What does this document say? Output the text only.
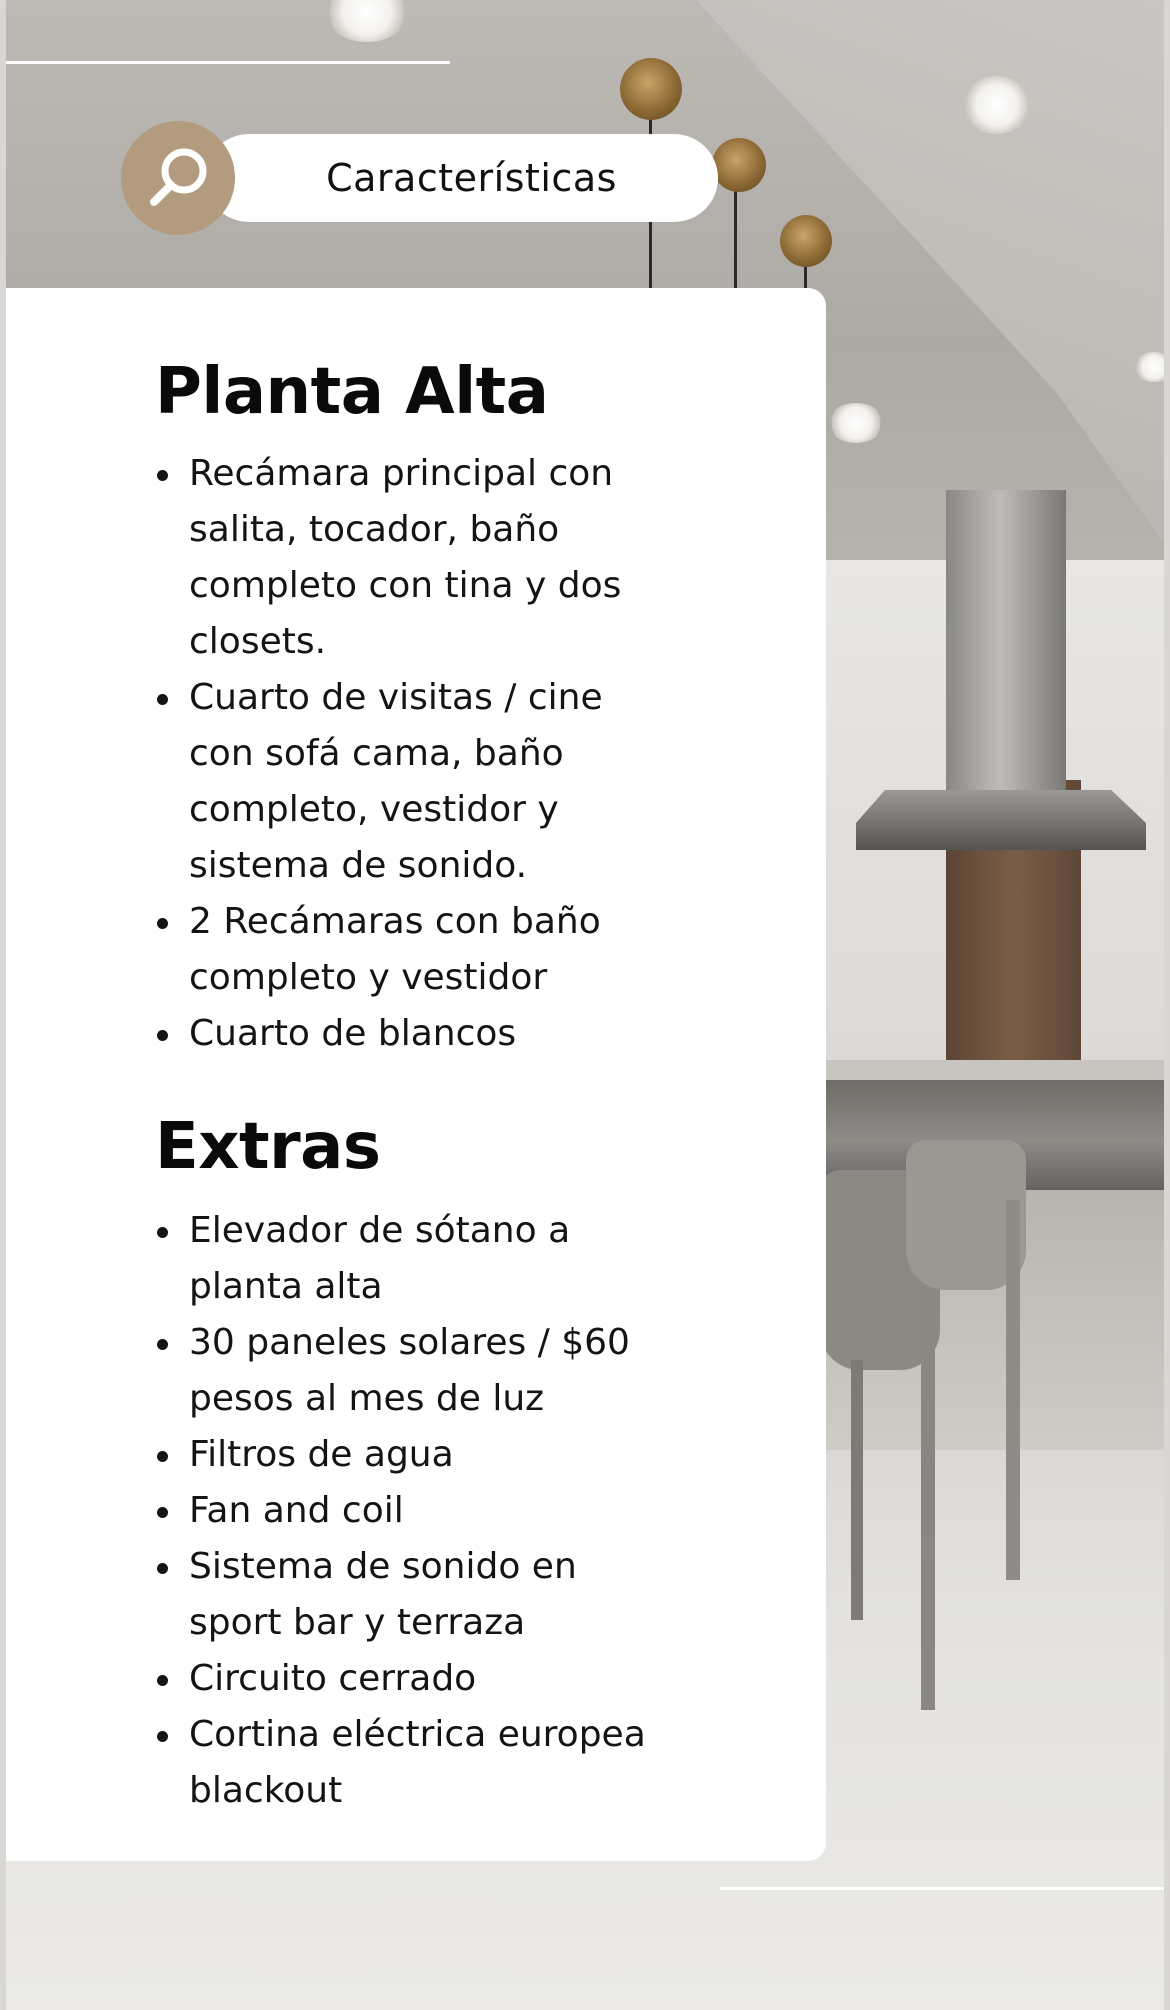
Características
Planta Alta
Recámara principal con
salita, tocador, baño
completo con tina y dos
closets.
Cuarto de visitas / cine
con sofá cama, baño
completo, vestidor y
sistema de sonido.
2 Recámaras con baño
completo y vestidor
Cuarto de blancos
Extras
Elevador de sótano a
planta alta
30 paneles solares / $60
pesos al mes de luz
Filtros de agua
Fan and coil
Sistema de sonido en
sport bar y terraza
Circuito cerrado
Cortina eléctrica europea
blackout
